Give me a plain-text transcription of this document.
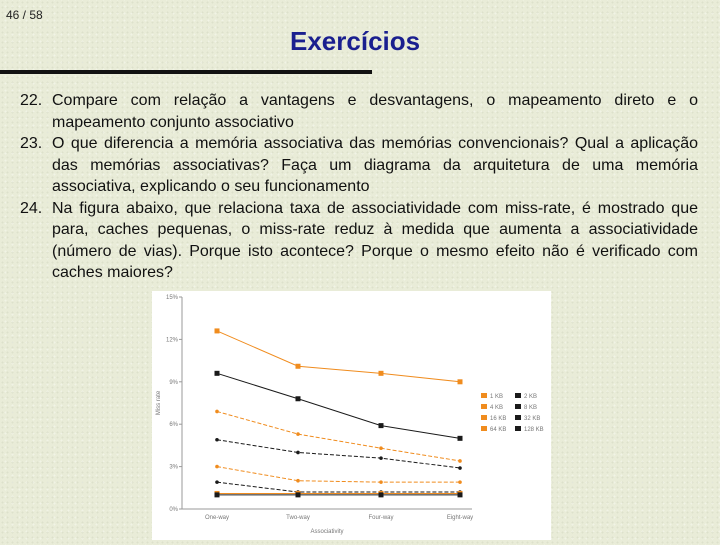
46 / 58
Exercícios
22. Compare com relação a vantagens e desvantagens, o mapeamento direto e o mapeamento conjunto associativo
23. O que diferencia a memória associativa das memórias convencionais? Qual a aplicação das memórias associativas? Faça um diagrama da arquitetura de uma memória associativa, explicando o seu funcionamento
24. Na figura abaixo, que relaciona taxa de associatividade com miss-rate, é mostrado que para, caches pequenas, o miss-rate reduz à medida que aumenta a associatividade (número de vias). Porque isto acontece? Porque o mesmo efeito não é verificado com caches maiores?
0%
3%
6%
9%
12%
15%
One-way	Two-way	Four-way	Eight-way
Associativity
Miss rate	1 KB	2 KB
4 KB	8 KB
16 KB	32 KB
64 KB	128 KB
